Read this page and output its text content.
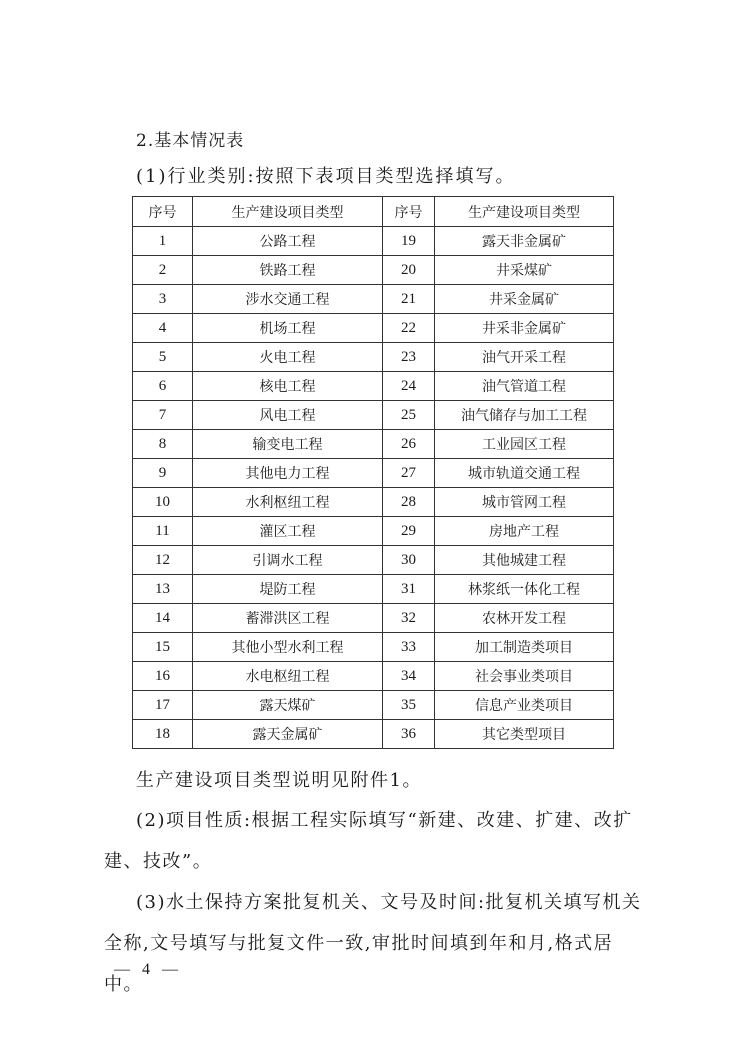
2.基本情况表
(1)行业类别:按照下表项目类型选择填写。
序号	生产建设项目类型	序号	生产建设项目类型
1	公路工程	19	露天非金属矿
2	铁路工程	20	井采煤矿
3	涉水交通工程	21	井采金属矿
4	机场工程	22	井采非金属矿
5	火电工程	23	油气开采工程
6	核电工程	24	油气管道工程
7	风电工程	25	油气储存与加工工程
8	输变电工程	26	工业园区工程
9	其他电力工程	27	城市轨道交通工程
10	水利枢纽工程	28	城市管网工程
11	灌区工程	29	房地产工程
12	引调水工程	30	其他城建工程
13	堤防工程	31	林浆纸一体化工程
14	蓄滞洪区工程	32	农林开发工程
15	其他小型水利工程	33	加工制造类项目
16	水电枢纽工程	34	社会事业类项目
17	露天煤矿	35	信息产业类项目
18	露天金属矿	36	其它类型项目
生产建设项目类型说明见附件1。
(2)项目性质:根据工程实际填写“新建、改建、扩建、改扩建、技改”。
(3)水土保持方案批复机关、文号及时间:批复机关填写机关全称,文号填写与批复文件一致,审批时间填到年和月,格式居中。
— 4 —
